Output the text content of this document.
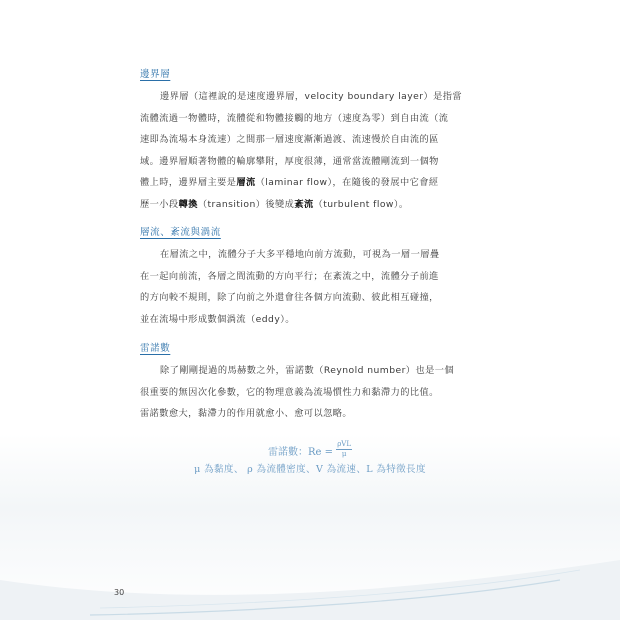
邊界層

邊界層（這裡說的是速度邊界層，velocity boundary layer）是指當
流體流過一物體時，流體從和物體接觸的地方（速度為零）到自由流（流
速即為流場本身流速）之間那一層速度漸漸過渡、流速慢於自由流的區
域。邊界層順著物體的輪廓攀附，厚度很薄，通常當流體剛流到一個物
體上時，邊界層主要是層流（laminar flow），在隨後的發展中它會經
歷一小段轉換（transition）後變成紊流（turbulent flow）。

層流、紊流與渦流

在層流之中，流體分子大多平穩地向前方流動，可視為一層一層疊
在一起向前流，各層之間流動的方向平行；在紊流之中，流體分子前進
的方向較不規則，除了向前之外還會往各個方向流動、彼此相互碰撞，
並在流場中形成數個渦流（eddy）。

雷諾數

除了剛剛提過的馬赫數之外，雷諾數（Reynold number）也是一個
很重要的無因次化參數，它的物理意義為流場慣性力和黏滯力的比值。
雷諾數愈大，黏滯力的作用就愈小、愈可以忽略。

雷諾數：$Re = \frac{\text{ρVL}}{\mu}$
μ 為黏度、 ρ 為流體密度、V 為流速、L 為特徵長度
30
